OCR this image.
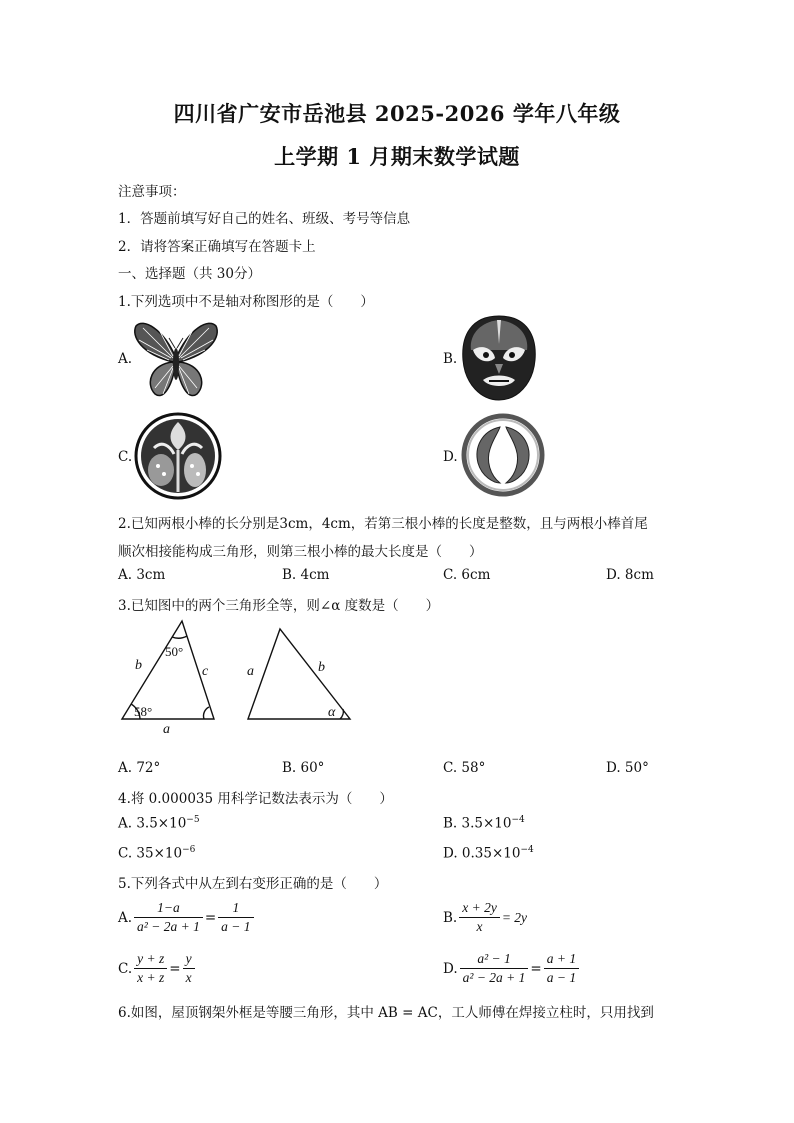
四川省广安市岳池县 2025-2026 学年八年级
上学期 1 月期末数学试题
注意事项：
1．答题前填写好自己的姓名、班级、考号等信息
2．请将答案正确填写在答题卡上
一、选择题（共 30分）
1.下列选项中不是轴对称图形的是（　　）
A.	B.
C.	D.
2.已知两根小棒的长分别是3cm，4cm，若第三根小棒的长度是整数，且与两根小棒首尾
顺次相接能构成三角形，则第三根小棒的最大长度是（　　）
A. 3cm	B. 4cm	C. 6cm	D. 8cm
3.已知图中的两个三角形全等，则∠α 度数是（　　）
b	c
a
a	b
α
50°
58°
A. 72°	B. 60°	C. 58°	D. 50°
4.将 0.000035 用科学记数法表示为（　　）
A. $3.5\times 10^{-5}$	B. $3.5\times 10^{-4}$
C. $35\times 10^{-6}$	D. $0.35\times 10^{-4}$
5.下列各式中从左到右变形正确的是（　　）
A. $\frac{1-a}{\text{a² − 2a + 1}} = \frac{1}{a - 1}$	B. $\frac{x + 2y}{x} = 2y$
C. $\frac{y + z}{x + z} = \frac{y}{x}$	D. $\frac{\text{a² − 1}}{\text{a² − 2a + 1}} = \frac{a + 1}{a - 1}$
6.如图，屋顶钢架外框是等腰三角形，其中 AB = AC，工人师傅在焊接立柱时，只用找到
